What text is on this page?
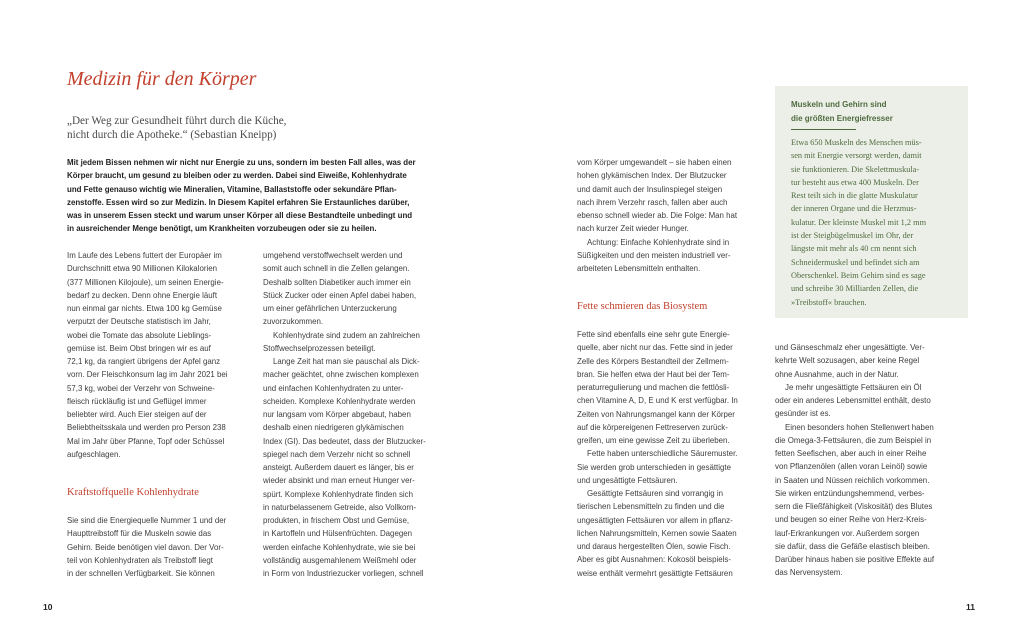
Medizin für den Körper
„Der Weg zur Gesundheit führt durch die Küche,
nicht durch die Apotheke.“ (Sebastian Kneipp)
Mit jedem Bissen nehmen wir nicht nur Energie zu uns, sondern im besten Fall alles, was der
Körper braucht, um gesund zu bleiben oder zu werden. Dabei sind Eiweiße, Kohlenhydrate
und Fette genauso wichtig wie Mineralien, Vitamine, Ballaststoffe oder sekundäre Pflan-
zenstoffe. Essen wird so zur Medizin. In Diesem Kapitel erfahren Sie Erstaunliches darüber,
was in unserem Essen steckt und warum unser Körper all diese Bestandteile unbedingt und
in ausreichender Menge benötigt, um Krankheiten vorzubeugen oder sie zu heilen.

Im Laufe des Lebens futtert der Europäer im
Durchschnitt etwa 90 Millionen Kilokalorien
(377 Millionen Kilojoule), um seinen Energie-
bedarf zu decken. Denn ohne Energie läuft
nun einmal gar nichts. Etwa 100 kg Gemüse
verputzt der Deutsche statistisch im Jahr,
wobei die Tomate das absolute Lieblings-
gemüse ist. Beim Obst bringen wir es auf
72,1 kg, da rangiert übrigens der Apfel ganz
vorn. Der Fleischkonsum lag im Jahr 2021 bei
57,3 kg, wobei der Verzehr von Schweine-
fleisch rückläufig ist und Geflügel immer
beliebter wird. Auch Eier steigen auf der
Beliebtheitsskala und werden pro Person 238
Mal im Jahr über Pfanne, Topf oder Schüssel
aufgeschlagen.

Kraftstoffquelle Kohlenhydrate

Sie sind die Energiequelle Nummer 1 und der
Haupttreibstoff für die Muskeln sowie das
Gehirn. Beide benötigen viel davon. Der Vor-
teil von Kohlenhydraten als Treibstoff liegt
in der schnellen Verfügbarkeit. Sie können

umgehend verstoffwechselt werden und
somit auch schnell in die Zellen gelangen.
Deshalb sollten Diabetiker auch immer ein
Stück Zucker oder einen Apfel dabei haben,
um einer gefährlichen Unterzuckerung
zuvorzukommen.

Kohlenhydrate sind zudem an zahlreichen
Stoffwechselprozessen beteiligt.

Lange Zeit hat man sie pauschal als Dick-
macher geächtet, ohne zwischen komplexen
und einfachen Kohlenhydraten zu unter-
scheiden. Komplexe Kohlenhydrate werden
nur langsam vom Körper abgebaut, haben
deshalb einen niedrigeren glykämischen
Index (GI). Das bedeutet, dass der Blutzucker-
spiegel nach dem Verzehr nicht so schnell
ansteigt. Außerdem dauert es länger, bis er
wieder absinkt und man erneut Hunger ver-
spürt. Komplexe Kohlenhydrate finden sich
in naturbelassenem Getreide, also Vollkorn-
produkten, in frischem Obst und Gemüse,
in Kartoffeln und Hülsenfrüchten. Dagegen
werden einfache Kohlenhydrate, wie sie bei
vollständig ausgemahlenem Weißmehl oder
in Form von Industriezucker vorliegen, schnell

vom Körper umgewandelt – sie haben einen
hohen glykämischen Index. Der Blutzucker
und damit auch der Insulinspiegel steigen
nach ihrem Verzehr rasch, fallen aber auch
ebenso schnell wieder ab. Die Folge: Man hat
nach kurzer Zeit wieder Hunger.

Achtung: Einfache Kohlenhydrate sind in
Süßigkeiten und den meisten industriell ver-
arbeiteten Lebensmitteln enthalten.

Fette schmieren das Biosystem

Fette sind ebenfalls eine sehr gute Energie-
quelle, aber nicht nur das. Fette sind in jeder
Zelle des Körpers Bestandteil der Zellmem-
bran. Sie helfen etwa der Haut bei der Tem-
peraturregulierung und machen die fettlösli-
chen Vitamine A, D, E und K erst verfügbar. In
Zeiten von Nahrungsmangel kann der Körper
auf die körpereigenen Fettreserven zurück-
greifen, um eine gewisse Zeit zu überleben.

Fette haben unterschiedliche Säuremuster.
Sie werden grob unterschieden in gesättigte
und ungesättigte Fettsäuren.

Gesättigte Fettsäuren sind vorrangig in
tierischen Lebensmitteln zu finden und die
ungesättigten Fettsäuren vor allem in pflanz-
lichen Nahrungsmitteln, Kernen sowie Saaten
und daraus hergestellten Ölen, sowie Fisch.
Aber es gibt Ausnahmen: Kokosöl beispiels-
weise enthält vermehrt gesättigte Fettsäuren

Muskeln und Gehirn sind
die größten Energiefresser
Etwa 650 Muskeln des Menschen müs-
sen mit Energie versorgt werden, damit
sie funktionieren. Die Skelettmuskula-
tur besteht aus etwa 400 Muskeln. Der
Rest teilt sich in die glatte Muskulatur
der inneren Organe und die Herzmus-
kulatur. Der kleinste Muskel mit 1,2 mm
ist der Steigbügelmuskel im Ohr, der
längste mit mehr als 40 cm nennt sich
Schneidermuskel und befindet sich am
Oberschenkel. Beim Gehirn sind es sage
und schreibe 30 Milliarden Zellen, die
»Treibstoff« brauchen.

und Gänseschmalz eher ungesättigte. Ver-
kehrte Welt sozusagen, aber keine Regel
ohne Ausnahme, auch in der Natur.

Je mehr ungesättigte Fettsäuren ein Öl
oder ein anderes Lebensmittel enthält, desto
gesünder ist es.

Einen besonders hohen Stellenwert haben
die Omega-3-Fettsäuren, die zum Beispiel in
fetten Seefischen, aber auch in einer Reihe
von Pflanzenölen (allen voran Leinöl) sowie
in Saaten und Nüssen reichlich vorkommen.
Sie wirken entzündungshemmend, verbes-
sern die Fließfähigkeit (Viskosität) des Blutes
und beugen so einer Reihe von Herz-Kreis-
lauf-Erkrankungen vor. Außerdem sorgen
sie dafür, dass die Gefäße elastisch bleiben.
Darüber hinaus haben sie positive Effekte auf
das Nervensystem.

10	11
